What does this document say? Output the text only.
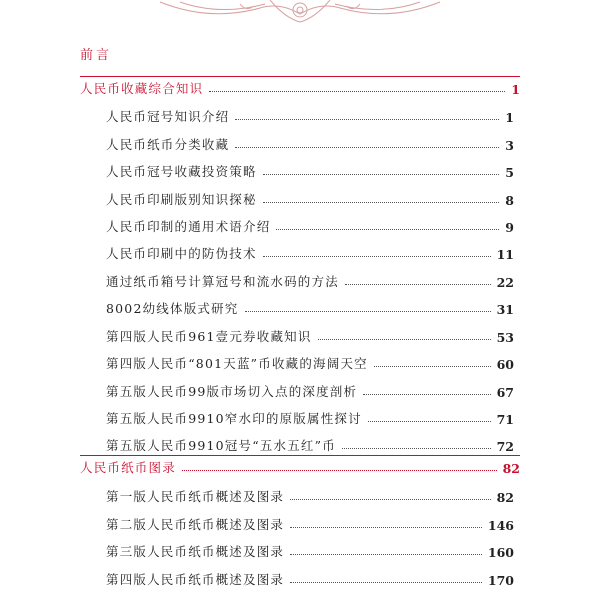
前言
人民币收藏综合知识	1
人民币冠号知识介绍	1
人民币纸币分类收藏	3
人民币冠号收藏投资策略	5
人民币印刷版别知识探秘	8
人民币印制的通用术语介绍	9
人民币印刷中的防伪技术	11
通过纸币箱号计算冠号和流水码的方法	22
8002幼线体版式研究	31
第四版人民币961壹元券收藏知识	53
第四版人民币“801天蓝”币收藏的海阔天空	60
第五版人民币99版市场切入点的深度剖析	67
第五版人民币9910窄水印的原版属性探讨	71
第五版人民币9910冠号“五水五红”币	72
人民币纸币图录	82
第一版人民币纸币概述及图录	82
第二版人民币纸币概述及图录	146
第三版人民币纸币概述及图录	160
第四版人民币纸币概述及图录	170
